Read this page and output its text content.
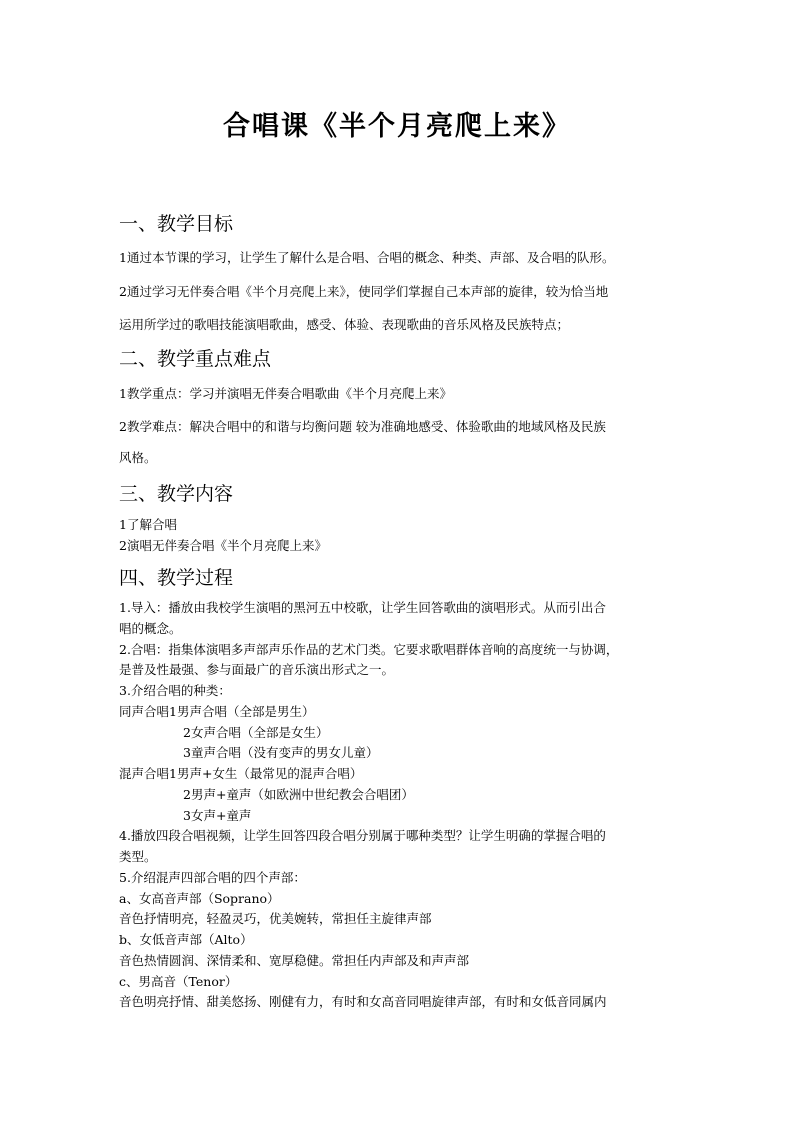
合唱课《半个月亮爬上来》
一、教学目标
1通过本节课的学习，让学生了解什么是合唱、合唱的概念、种类、声部、及合唱的队形。
2通过学习无伴奏合唱《半个月亮爬上来》，使同学们掌握自己本声部的旋律，较为恰当地
运用所学过的歌唱技能演唱歌曲，感受、体验、表现歌曲的音乐风格及民族特点；
二、教学重点难点
1教学重点：学习并演唱无伴奏合唱歌曲《半个月亮爬上来》
2教学难点：解决合唱中的和谐与均衡问题 较为准确地感受、体验歌曲的地域风格及民族
风格。
三、教学内容
1了解合唱
2演唱无伴奏合唱《半个月亮爬上来》
四、教学过程
1.导入：播放由我校学生演唱的黑河五中校歌，让学生回答歌曲的演唱形式。从而引出合
唱的概念。
2.合唱：指集体演唱多声部声乐作品的艺术门类。它要求歌唱群体音响的高度统一与协调，
是普及性最强、参与面最广的音乐演出形式之一。
3.介绍合唱的种类：
同声合唱1男声合唱（全部是男生）
2女声合唱（全部是女生）
3童声合唱（没有变声的男女儿童）
混声合唱1男声+女生（最常见的混声合唱）
2男声+童声（如欧洲中世纪教会合唱团）
3女声+童声
4.播放四段合唱视频，让学生回答四段合唱分别属于哪种类型？让学生明确的掌握合唱的
类型。
5.介绍混声四部合唱的四个声部：
a、女高音声部（Soprano）
音色抒情明亮，轻盈灵巧，优美婉转，常担任主旋律声部
b、女低音声部（Alto）
音色热情圆润、深情柔和、宽厚稳健。常担任内声部及和声声部
c、男高音（Tenor）
音色明亮抒情、甜美悠扬、刚健有力，有时和女高音同唱旋律声部，有时和女低音同属内
